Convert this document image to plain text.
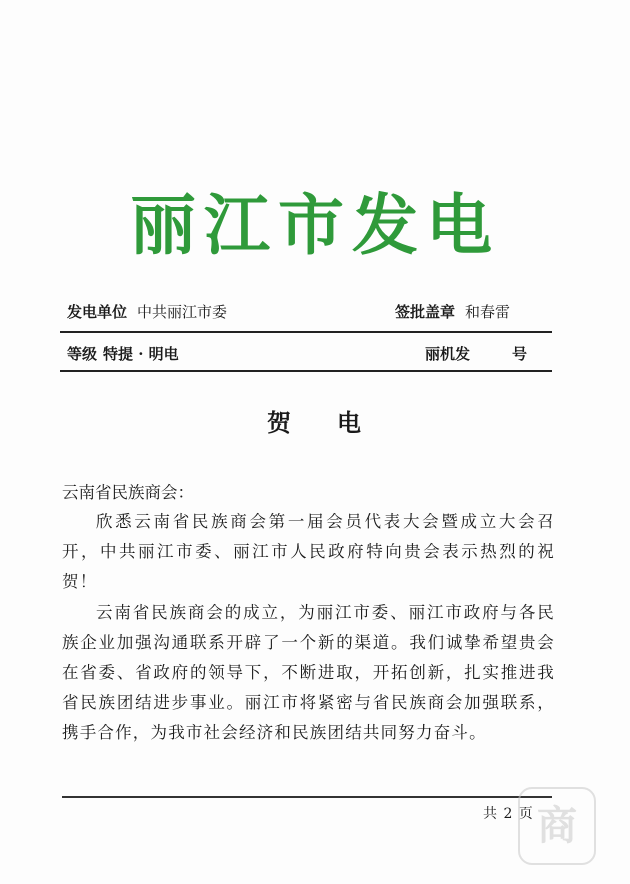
丽江市发电
发电单位 中共丽江市委	签批盖章 和春雷
等级 特提 · 明电	丽机发	号
贺 电
云南省民族商会：

欣悉云南省民族商会第一届会员代表大会暨成立大会召开，中共丽江市委、丽江市人民政府特向贵会表示热烈的祝贺！

云南省民族商会的成立，为丽江市委、丽江市政府与各民族企业加强沟通联系开辟了一个新的渠道。我们诚挚希望贵会在省委、省政府的领导下，不断进取，开拓创新，扎实推进我省民族团结进步事业。丽江市将紧密与省民族商会加强联系，携手合作，为我市社会经济和民族团结共同努力奋斗。

共 2 页 商
